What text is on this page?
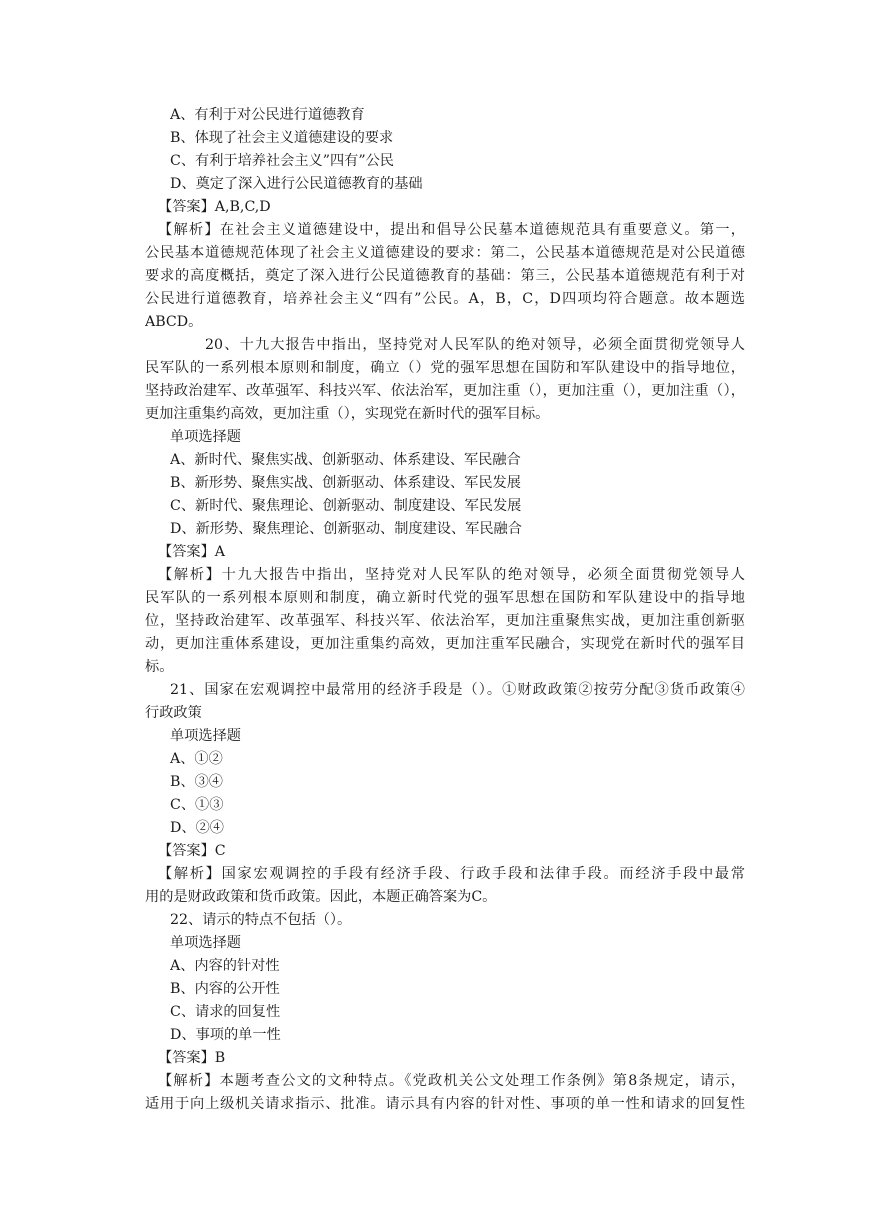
A、有利于对公民进行道德教育
B、体现了社会主义道德建设的要求
C、有利于培养社会主义”四有”公民
D、奠定了深入进行公民道德教育的基础
【答案】A,B,C,D
【解析】在社会主义道德建设中，提出和倡导公民墓本道德规范具有重要意义。第一，
公民基本道德规范体现了社会主义道德建设的要求：第二，公民基本道德规范是对公民道德
要求的高度概括，奠定了深入进行公民道德教育的基础：第三，公民基本道德规范有利于对
公民进行道德教育，培养社会主义“四有”公民。A，B，C，D四项均符合题意。故本题选
ABCD。
20、十九大报告中指出，坚持党对人民军队的绝对领导，必须全面贯彻党领导人
民军队的一系列根本原则和制度，确立（）党的强军思想在国防和军队建设中的指导地位，
坚持政治建军、改革强军、科技兴军、依法治军，更加注重（），更加注重（），更加注重（），
更加注重集约高效，更加注重（），实现党在新时代的强军目标。
单项选择题
A、新时代、聚焦实战、创新驱动、体系建设、军民融合
B、新形势、聚焦实战、创新驱动、体系建设、军民发展
C、新时代、聚焦理论、创新驱动、制度建设、军民发展
D、新形势、聚焦理论、创新驱动、制度建设、军民融合
【答案】A
【解析】十九大报告中指出，坚持党对人民军队的绝对领导，必须全面贯彻党领导人
民军队的一系列根本原则和制度，确立新时代党的强军思想在国防和军队建设中的指导地
位，坚持政治建军、改革强军、科技兴军、依法治军，更加注重聚焦实战，更加注重创新驱
动，更加注重体系建设，更加注重集约高效，更加注重军民融合，实现党在新时代的强军目
标。
21、国家在宏观调控中最常用的经济手段是（）。①财政政策②按劳分配③货币政策④
行政政策
单项选择题
A、①②
B、③④
C、①③
D、②④
【答案】C
【解析】国家宏观调控的手段有经济手段、行政手段和法律手段。而经济手段中最常
用的是财政政策和货币政策。因此，本题正确答案为C。
22、请示的特点不包括（）。
单项选择题
A、内容的针对性
B、内容的公开性
C、请求的回复性
D、事项的单一性
【答案】B
【解析】本题考查公文的文种特点。《党政机关公文处理工作条例》第8条规定，请示，
适用于向上级机关请求指示、批准。请示具有内容的针对性、事项的单一性和请求的回复性
